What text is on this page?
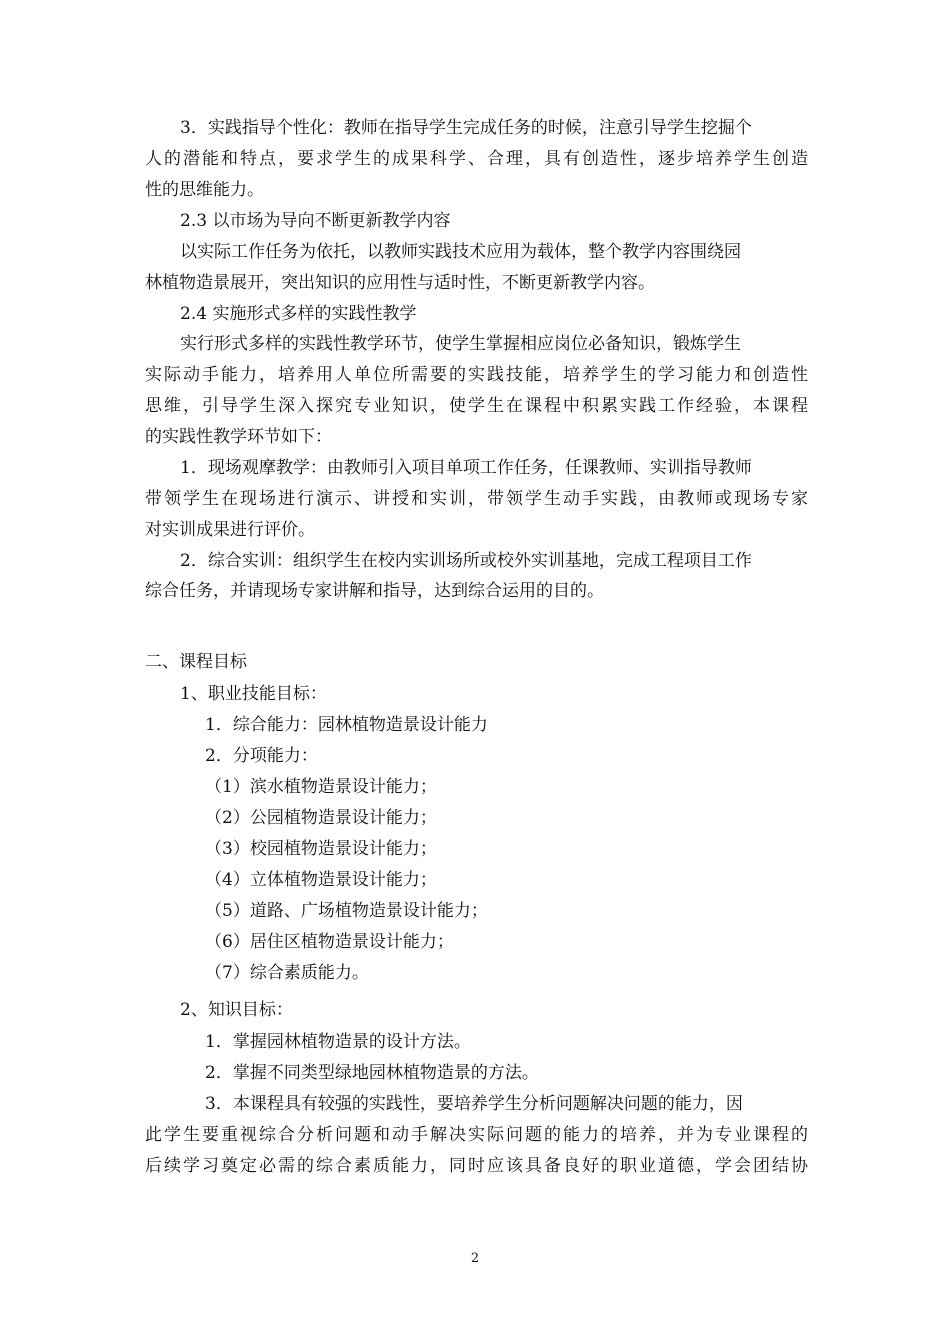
3．实践指导个性化：教师在指导学生完成任务的时候，注意引导学生挖掘个

人的潜能和特点，要求学生的成果科学、合理，具有创造性，逐步培养学生创造

性的思维能力。

2.3 以市场为导向不断更新教学内容

以实际工作任务为依托，以教师实践技术应用为载体，整个教学内容围绕园

林植物造景展开，突出知识的应用性与适时性，不断更新教学内容。

2.4 实施形式多样的实践性教学

实行形式多样的实践性教学环节，使学生掌握相应岗位必备知识，锻炼学生

实际动手能力，培养用人单位所需要的实践技能，培养学生的学习能力和创造性

思维，引导学生深入探究专业知识，使学生在课程中积累实践工作经验，本课程

的实践性教学环节如下：

1．现场观摩教学：由教师引入项目单项工作任务，任课教师、实训指导教师

带领学生在现场进行演示、讲授和实训，带领学生动手实践，由教师或现场专家

对实训成果进行评价。

2．综合实训：组织学生在校内实训场所或校外实训基地，完成工程项目工作

综合任务，并请现场专家讲解和指导，达到综合运用的目的。

二、课程目标

1、职业技能目标：

1．综合能力：园林植物造景设计能力

2．分项能力：

（1）滨水植物造景设计能力；

（2）公园植物造景设计能力；

（3）校园植物造景设计能力；

（4）立体植物造景设计能力；

（5）道路、广场植物造景设计能力；

（6）居住区植物造景设计能力；

（7）综合素质能力。

2、知识目标：

1．掌握园林植物造景的设计方法。

2．掌握不同类型绿地园林植物造景的方法。

3．本课程具有较强的实践性，要培养学生分析问题解决问题的能力，因

此学生要重视综合分析问题和动手解决实际问题的能力的培养，并为专业课程的

后续学习奠定必需的综合素质能力，同时应该具备良好的职业道德，学会团结协

2
